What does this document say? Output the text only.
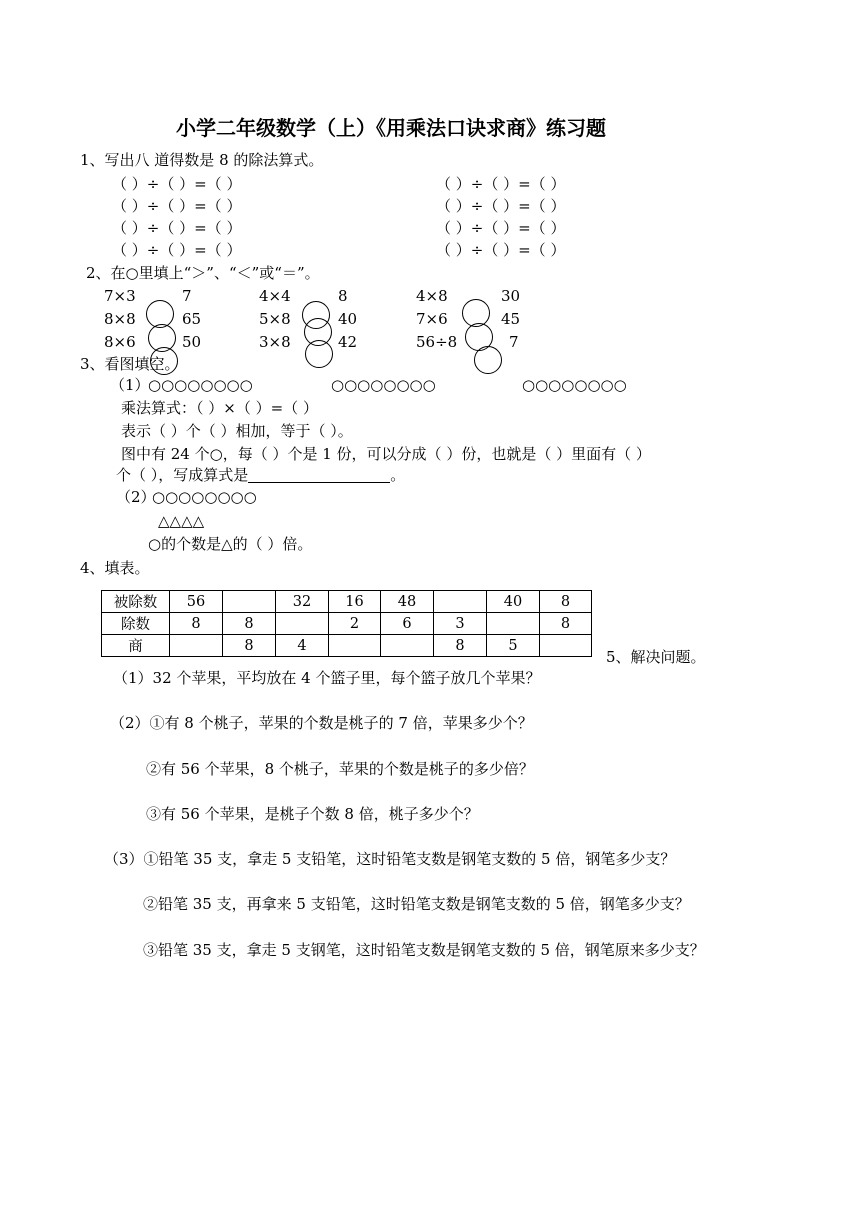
小学二年级数学（上）《用乘法口诀求商》练习题
1、写出八 道得数是 8 的除法算式。
（ ）÷（ ）=（ ）	（ ）÷（ ）=（ ）
（ ）÷（ ）=（ ）	（ ）÷（ ）=（ ）
（ ）÷（ ）=（ ）	（ ）÷（ ）=（ ）
（ ）÷（ ）=（ ）	（ ）÷（ ）=（ ）
2、在○里填上“＞”、“＜”或“＝”。
7×3	7	4×4	8	4×8	30
8×8	65	5×8	40	7×6	45
8×6	50	3×8	42	56÷8	7
3、看图填空。
（1）
○○○○○○○○	○○○○○○○○	○○○○○○○○
乘法算式：（ ）×（ ）=（ ）
表示（ ）个（ ）相加，等于（ ）。
图中有 24 个○，每（ ）个是 1 份，可以分成（ ）份，也就是（ ）里面有（ ）
个（ ），写成算式是	。
（2）
○○○○○○○○
△△△△
○的个数是△的（ ）倍。
4、填表。
被除数	56		32	16	48		40	8
除数	8	8		2	6	3		8
商		8	4			8	5	
5、解决问题。
（1）32 个苹果，平均放在 4 个篮子里，每个篮子放几个苹果？
（2）①有 8 个桃子，苹果的个数是桃子的 7 倍，苹果多少个？
②有 56 个苹果，8 个桃子，苹果的个数是桃子的多少倍？
③有 56 个苹果，是桃子个数 8 倍，桃子多少个？
（3）①铅笔 35 支，拿走 5 支铅笔，这时铅笔支数是钢笔支数的 5 倍，钢笔多少支？
②铅笔 35 支，再拿来 5 支铅笔，这时铅笔支数是钢笔支数的 5 倍，钢笔多少支？
③铅笔 35 支，拿走 5 支钢笔，这时铅笔支数是钢笔支数的 5 倍，钢笔原来多少支？
